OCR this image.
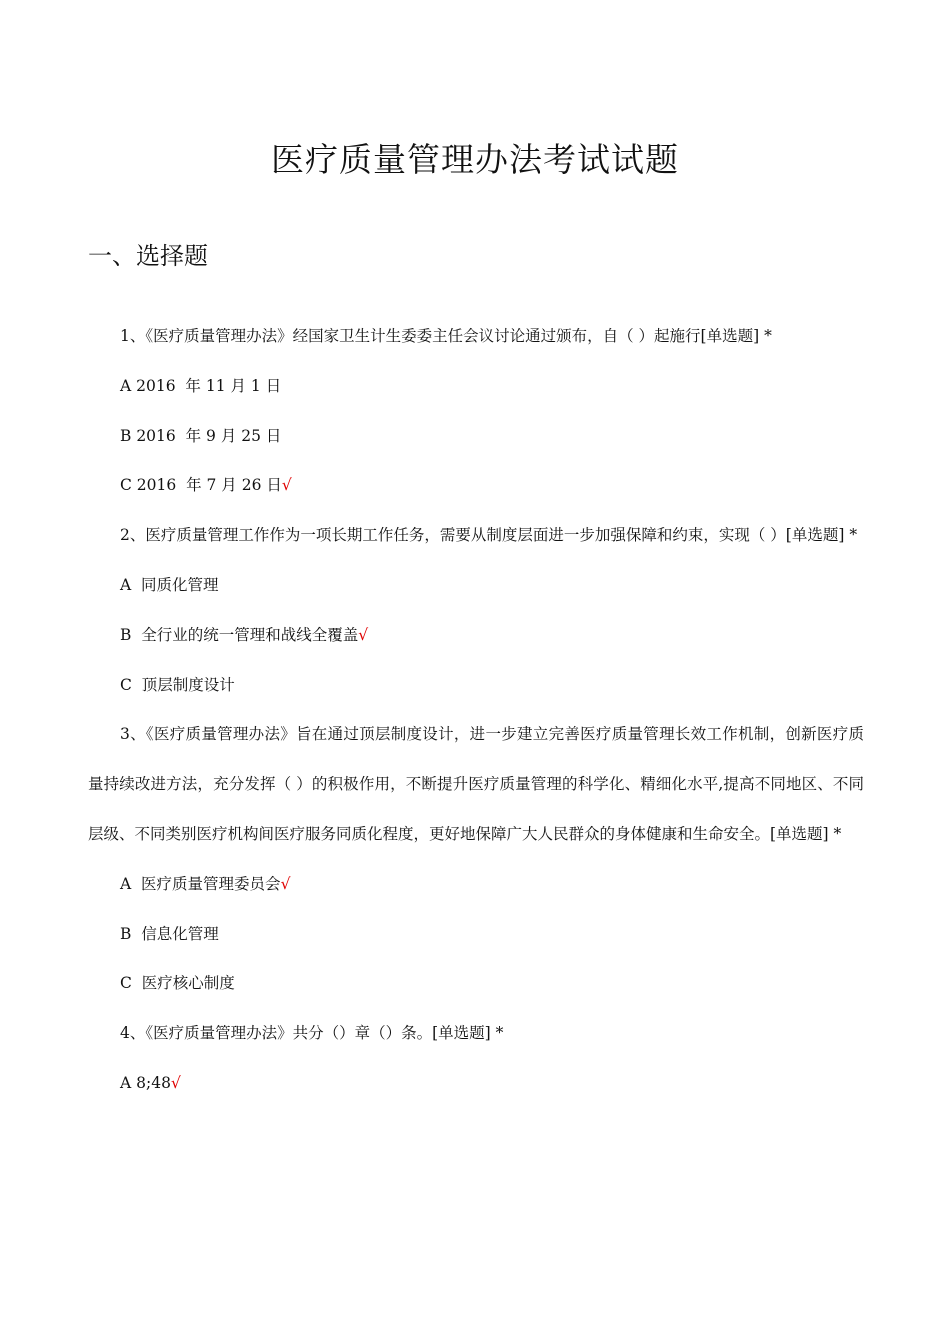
医疗质量管理办法考试试题
一、选择题

1、《医疗质量管理办法》经国家卫生计生委委主任会议讨论通过颁布，自（ ）起施行[单选题] *

A 2016  年 11 月 1 日

B 2016  年 9 月 25 日

C 2016  年 7 月 26 日√

2、医疗质量管理工作作为一项长期工作任务，需要从制度层面进一步加强保障和约束，实现（ ）[单选题] *

A  同质化管理

B  全行业的统一管理和战线全覆盖√

C  顶层制度设计

3、《医疗质量管理办法》旨在通过顶层制度设计，进一步建立完善医疗质量管理长效工作机制，创新医疗质量持续改进方法，充分发挥（ ）的积极作用，不断提升医疗质量管理的科学化、精细化水平,提高不同地区、不同层级、不同类别医疗机构间医疗服务同质化程度，更好地保障广大人民群众的身体健康和生命安全。[单选题] *

A  医疗质量管理委员会√

B  信息化管理

C  医疗核心制度

4、《医疗质量管理办法》共分（）章（）条。[单选题] *

A 8;48√
